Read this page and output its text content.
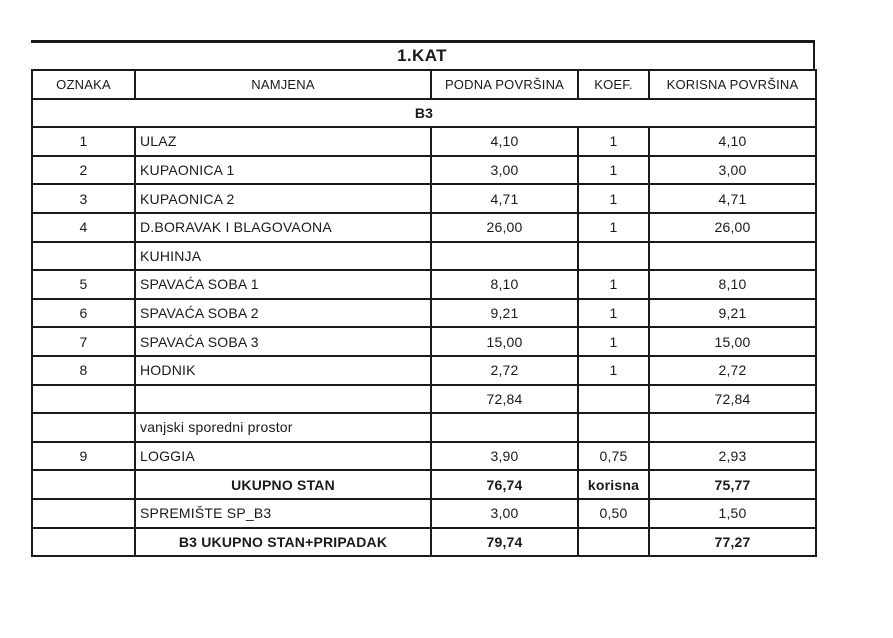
1.KAT
OZNAKA	NAMJENA	PODNA POVRŠINA	KOEF.	KORISNA POVRŠINA
B3				
1	ULAZ	4,10	1	4,10
2	KUPAONICA 1	3,00	1	3,00
3	KUPAONICA 2	4,71	1	4,71
4	D.BORAVAK I BLAGOVAONA	26,00	1	26,00
	KUHINJA			
5	SPAVAĆA SOBA 1	8,10	1	8,10
6	SPAVAĆA SOBA 2	9,21	1	9,21
7	SPAVAĆA SOBA 3	15,00	1	15,00
8	HODNIK	2,72	1	2,72
		72,84		72,84
	vanjski sporedni prostor			
9	LOGGIA	3,90	0,75	2,93
	UKUPNO STAN	76,74	korisna	75,77
	SPREMIŠTE SP_B3	3,00	0,50	1,50
	B3 UKUPNO STAN+PRIPADAK	79,74		77,27
